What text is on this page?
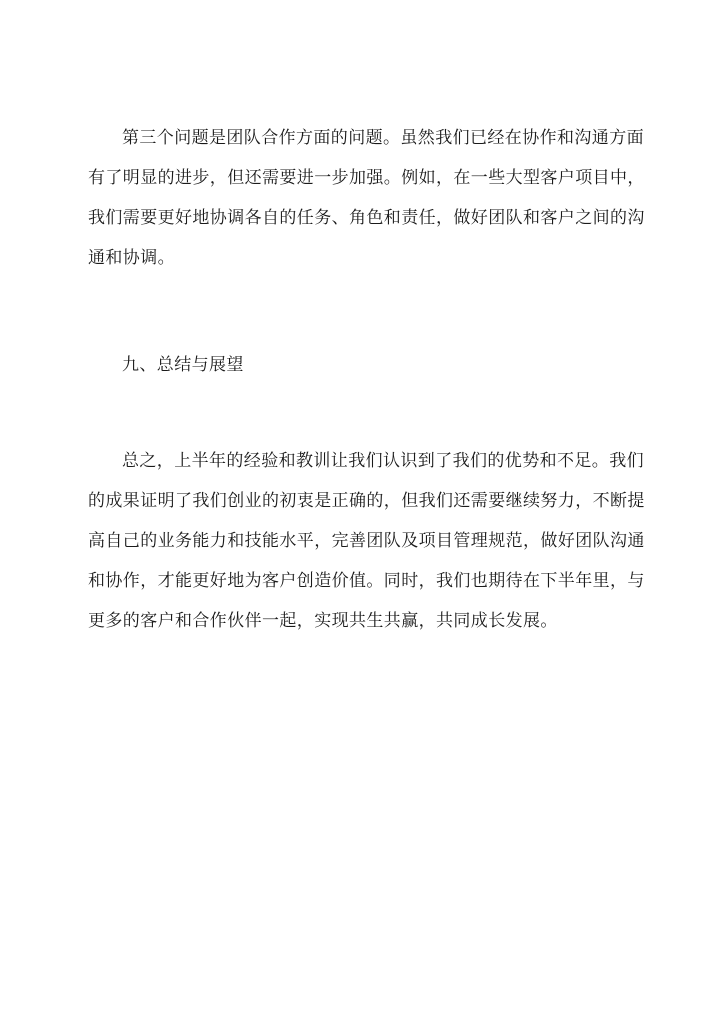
第三个问题是团队合作方面的问题。虽然我们已经在协作和沟通方面
有了明显的进步，但还需要进一步加强。例如，在一些大型客户项目中，
我们需要更好地协调各自的任务、角色和责任，做好团队和客户之间的沟
通和协调。
九、总结与展望
总之，上半年的经验和教训让我们认识到了我们的优势和不足。我们
的成果证明了我们创业的初衷是正确的，但我们还需要继续努力，不断提
高自己的业务能力和技能水平，完善团队及项目管理规范，做好团队沟通
和协作，才能更好地为客户创造价值。同时，我们也期待在下半年里，与
更多的客户和合作伙伴一起，实现共生共赢，共同成长发展。
